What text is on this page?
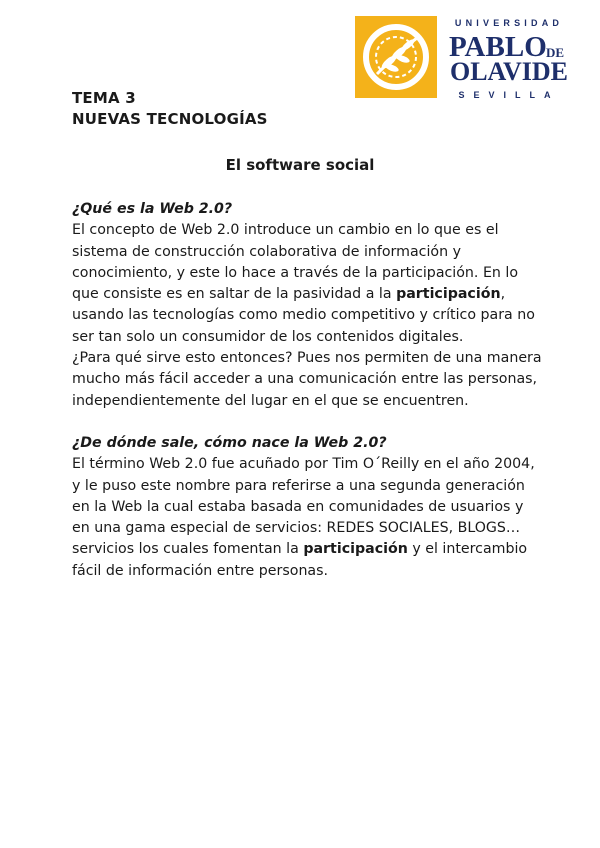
UNIVERSIDAD
PABLO DE
OLAVIDE
SEVILLA
TEMA 3
NUEVAS TECNOLOGÍAS
El software social

¿Qué es la Web 2.0?

El concepto de Web 2.0 introduce un cambio en lo que es el sistema de construcción colaborativa de información y conocimiento, y este lo hace a través de la participación. En lo que consiste es en saltar de la pasividad a la participación, usando las tecnologías como medio competitivo y crítico para no ser tan solo un consumidor de los contenidos digitales.

¿Para qué sirve esto entonces? Pues nos permiten de una manera mucho más fácil acceder a una comunicación entre las personas, independientemente del lugar en el que se encuentren.

¿De dónde sale, cómo nace la Web 2.0?

El término Web 2.0 fue acuñado por Tim O´Reilly en el año 2004, y le puso este nombre para referirse a una segunda generación en la Web la cual estaba basada en comunidades de usuarios y en una gama especial de servicios: REDES SOCIALES, BLOGS… servicios los cuales fomentan la participación y el intercambio fácil de información entre personas.
